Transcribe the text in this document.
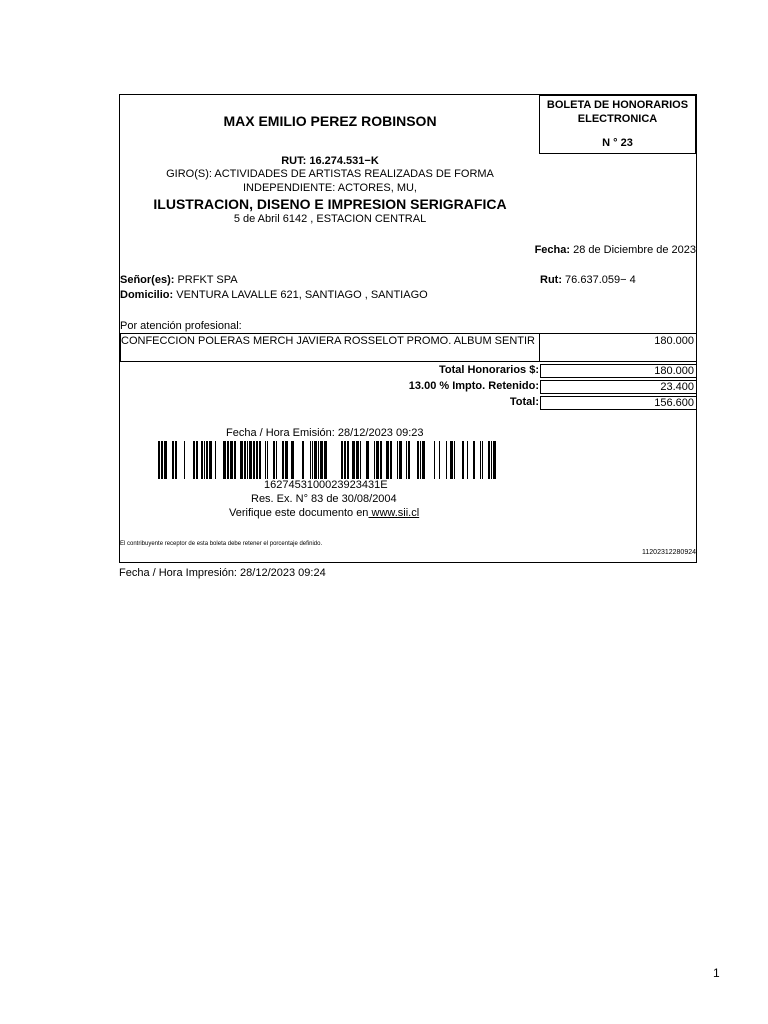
BOLETA DE HONORARIOS
ELECTRONICA
N ° 23
MAX EMILIO PEREZ ROBINSON
RUT: 16.274.531−K
GIRO(S): ACTIVIDADES DE ARTISTAS REALIZADAS DE FORMA INDEPENDIENTE: ACTORES, MU,
ILUSTRACION, DISENO E IMPRESION SERIGRAFICA
5 de Abril 6142 , ESTACION CENTRAL
Fecha: 28 de Diciembre de 2023
Señor(es): PRFKT SPA
Domicilio: VENTURA LAVALLE 621, SANTIAGO , SANTIAGO
Rut: 76.637.059− 4
Por atención profesional:
CONFECCION POLERAS MERCH JAVIERA ROSSELOT PROMO. ALBUM SENTIR	180.000
Total Honorarios $:	180.000
13.00 % Impto. Retenido:	23.400
Total:	156.600
Fecha / Hora Emisión: 28/12/2023 09:23
1627453100023923431E
Res. Ex. N° 83 de 30/08/2004
Verifique este documento en www.sii.cl
El contribuyente receptor de esta boleta debe retener el porcentaje definido.
11202312280924
Fecha / Hora Impresión: 28/12/2023 09:24
1
